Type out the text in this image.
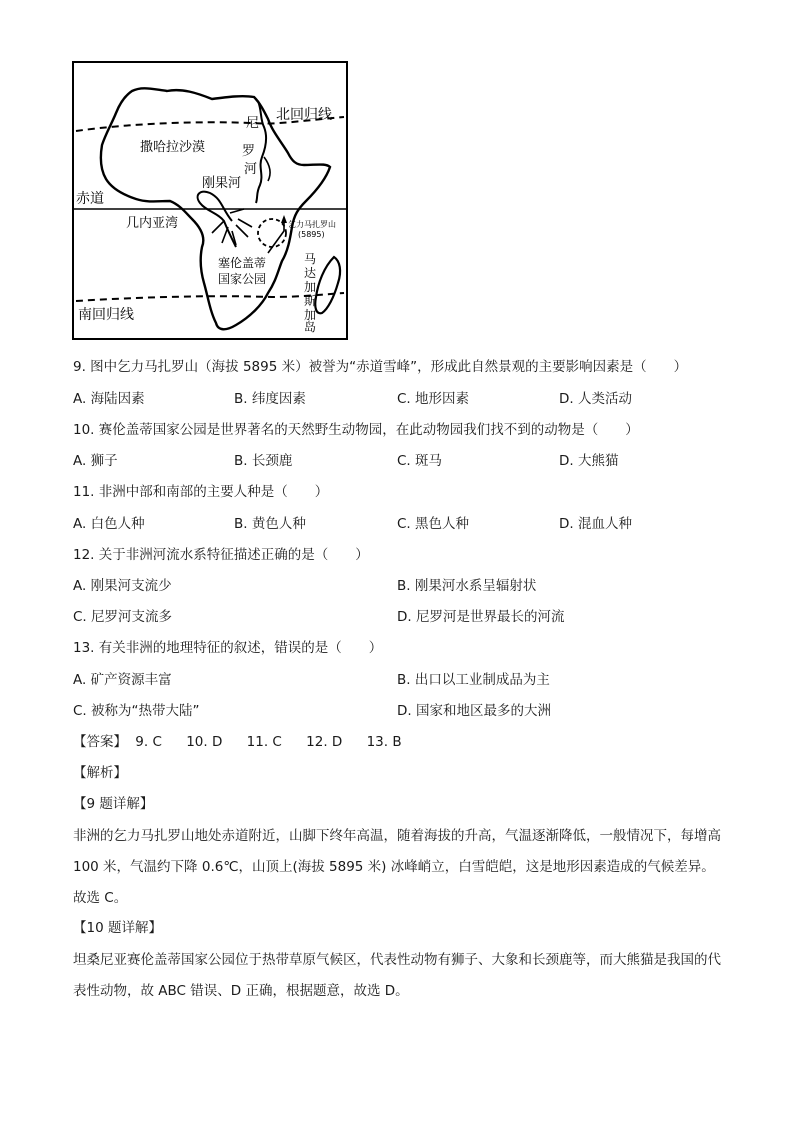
北回归线
尼
撒哈拉沙漠	罗
河
刚果河
赤道
几内亚湾	乞力马扎罗山
(5895)
塞伦盖蒂
国家公园
南回归线
马
达
加
斯
加
岛
9. 图中乞力马扎罗山（海拔 5895 米）被誉为“赤道雪峰”，形成此自然景观的主要影响因素是（　　）
A. 海陆因素	B. 纬度因素	C. 地形因素	D. 人类活动
10. 赛伦盖蒂国家公园是世界著名的天然野生动物园，在此动物园我们找不到的动物是（　　）
A. 狮子	B. 长颈鹿	C. 斑马	D. 大熊猫
11. 非洲中部和南部的主要人种是（　　）
A. 白色人种	B. 黄色人种	C. 黑色人种	D. 混血人种
12. 关于非洲河流水系特征描述正确的是（　　）
A. 刚果河支流少	B. 刚果河水系呈辐射状
C. 尼罗河支流多	D. 尼罗河是世界最长的河流
13. 有关非洲的地理特征的叙述，错误的是（　　）
A. 矿产资源丰富	B. 出口以工业制成品为主
C. 被称为“热带大陆”	D. 国家和地区最多的大洲
【答案】 9. C 10. D 11. C 12. D 13. B
【解析】
【9 题详解】
非洲的乞力马扎罗山地处赤道附近，山脚下终年高温，随着海拔的升高，气温逐渐降低，一般情况下，每增高 100 米，气温约下降 0.6℃，山顶上(海拔 5895 米) 冰峰峭立，白雪皑皑，这是地形因素造成的气候差异。故选 C。
【10 题详解】
坦桑尼亚赛伦盖蒂国家公园位于热带草原气候区，代表性动物有狮子、大象和长颈鹿等，而大熊猫是我国的代表性动物，故 ABC 错误、D 正确，根据题意，故选 D。
